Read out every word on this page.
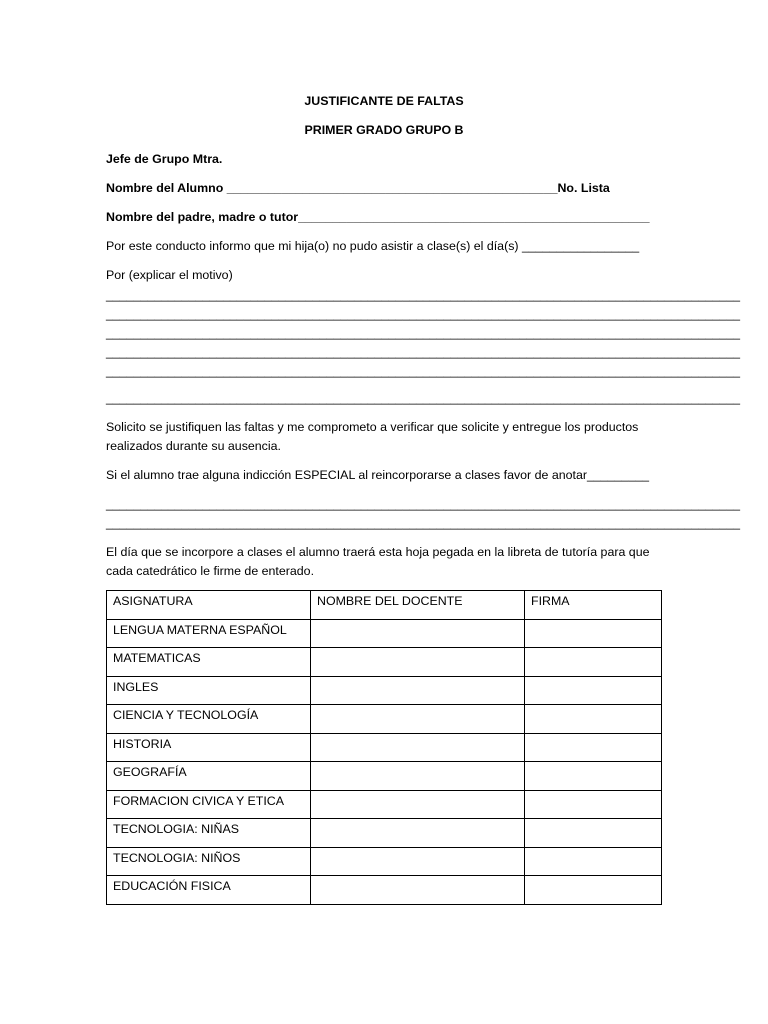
JUSTIFICANTE DE FALTAS
PRIMER GRADO GRUPO B
Jefe de Grupo Mtra.
Nombre del Alumno ________________________________________________No. Lista
Nombre del padre, madre o tutor___________________________________________________
Por este conducto informo que mi hija(o) no pudo asistir a clase(s) el día(s) _________________
Por (explicar el motivo)
____________________________________________________________________________________________
____________________________________________________________________________________________
____________________________________________________________________________________________
____________________________________________________________________________________________
____________________________________________________________________________________________
____________________________________________________________________________________________
Solicito se justifiquen las faltas y me comprometo a verificar que solicite y entregue los productos realizados durante su ausencia.
Si el alumno trae alguna indicción ESPECIAL al reincorporarse a clases favor de anotar_________
____________________________________________________________________________________________
____________________________________________________________________________________________
El día que se incorpore a clases el alumno traerá esta hoja pegada en la libreta de tutoría para que cada catedrático le firme de enterado.
ASIGNATURA	NOMBRE DEL DOCENTE	FIRMA
LENGUA MATERNA ESPAÑOL		
MATEMATICAS		
INGLES		
CIENCIA Y TECNOLOGÍA		
HISTORIA		
GEOGRAFÍA		
FORMACION CIVICA Y ETICA		
TECNOLOGIA: NIÑAS		
TECNOLOGIA: NIÑOS		
EDUCACIÓN FISICA		
